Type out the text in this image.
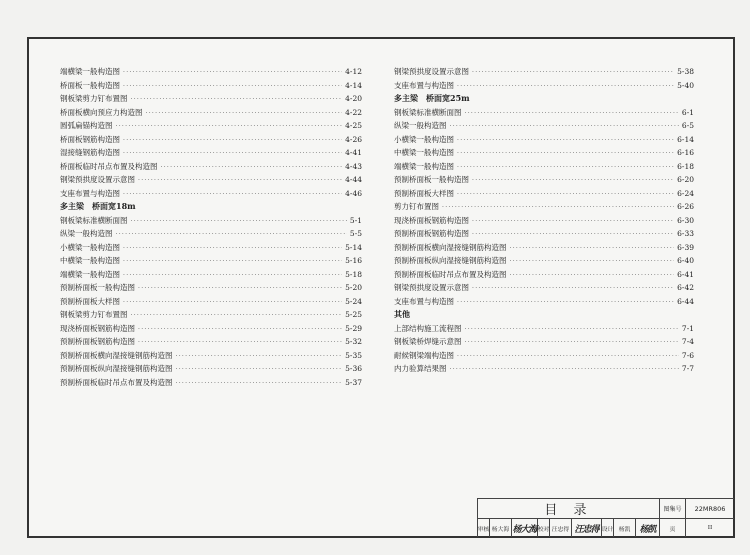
端横梁一般构造图 ·····	4-12
桥面板一般构造图 ·····	4-14
钢板梁剪力钉布置图 ·····	4-20
桥面板横向预应力构造图 ·····	4-22
圆弧扁锚构造图 ·····	4-25
桥面板钢筋构造图 ·····	4-26
湿接缝钢筋构造图 ·····	4-41
桥面板临时吊点布置及构造图 ·····	4-43
钢梁预拱度设置示意图 ·····	4-44
支座布置与构造图 ·····	4-46
多主梁　桥面宽18m
钢板梁标准横断面图 ·····	5-1
纵梁一般构造图 ·····	5-5
小横梁一般构造图 ·····	5-14
中横梁一般构造图 ·····	5-16
端横梁一般构造图 ·····	5-18
预制桥面板一般构造图 ·····	5-20
预制桥面板大样图 ·····	5-24
钢板梁剪力钉布置图 ·····	5-25
现浇桥面板钢筋构造图 ·····	5-29
预制桥面板钢筋构造图 ·····	5-32
预制桥面板横向湿接缝钢筋构造图 ·····	5-35
预制桥面板纵向湿接缝钢筋构造图 ·····	5-36
预制桥面板临时吊点布置及构造图 ·····	5-37
钢梁预拱度设置示意图 ·····	5-38
支座布置与构造图 ·····	5-40
多主梁　桥面宽25m
钢板梁标准横断面图 ·····	6-1
纵梁一般构造图 ·····	6-5
小横梁一般构造图 ·····	6-14
中横梁一般构造图 ·····	6-16
端横梁一般构造图 ·····	6-18
预制桥面板一般构造图 ·····	6-20
预制桥面板大样图 ·····	6-24
剪力钉布置图 ·····	6-26
现浇桥面板钢筋构造图 ·····	6-30
预制桥面板钢筋构造图 ·····	6-33
预制桥面板横向湿接缝钢筋构造图 ·····	6-39
预制桥面板纵向湿接缝钢筋构造图 ·····	6-40
预制桥面板临时吊点布置及构造图 ·····	6-41
钢梁预拱度设置示意图 ·····	6-42
支座布置与构造图 ·····	6-44
其他
上部结构施工流程图 ·····	7-1
钢板梁桥焊缝示意图 ·····	7-4
耐候钢梁端构造图 ·····	7-6
内力验算结果图 ·····	7-7
目 录	图集号	22MR806
审核 杨大海 杨大海 校对 汪忠得 汪忠得 设计 杨凯	杨凯	页	II
